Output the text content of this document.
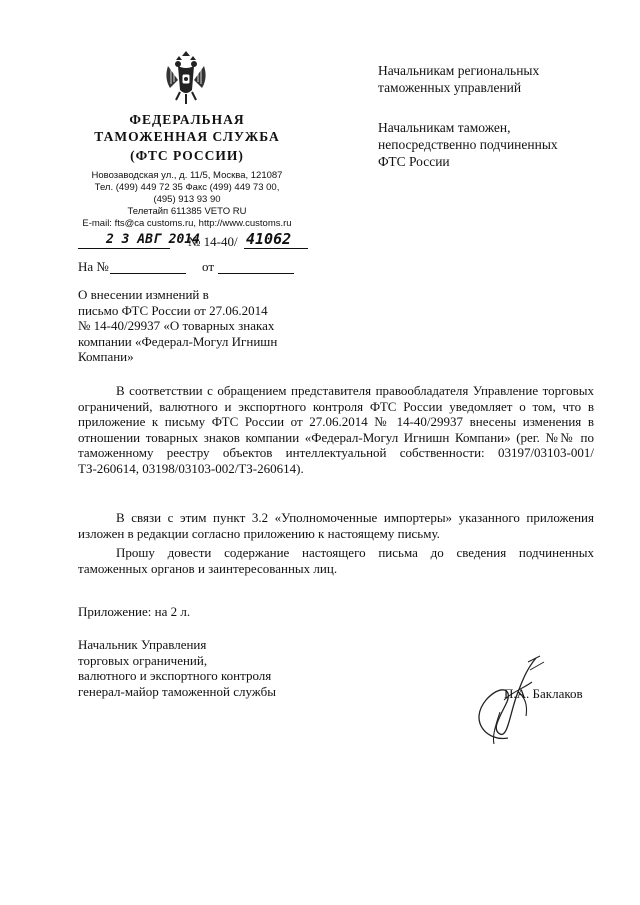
ФЕДЕРАЛЬНАЯ
ТАМОЖЕННАЯ СЛУЖБА
(ФТС РОССИИ)
Новозаводская ул., д. 11/5, Москва, 121087
Тел. (499) 449 72 35 Факс (499) 449 73 00,
(495) 913 93 90
Телетайп 611385 VETO RU
E-mail: fts@ca customs.ru, http://www.customs.ru
2 3 АВГ 2014
№ 14-40/ 41062
На №	от
Начальникам региональных
таможенных управлений
Начальникам таможен,
непосредственно подчиненных
ФТС России
О внесении измнений в
письмо ФТС России от 27.06.2014
№ 14-40/29937 «О товарных знаках
компании «Федерал-Могул Игнишн
Компани»
В соответствии с обращением представителя правообладателя Управление торговых ограничений, валютного и экспортного контроля ФТС России уведомляет о том, что в приложение к письму ФТС России от 27.06.2014 № 14-40/29937 внесены изменения в отношении товарных знаков компании «Федерал-Могул Игнишн Компани» (рег. №№ по таможенному реестру объектов интеллектуальной собственности: 03197/03103-001/ТЗ-260614, 03198/03103-002/ТЗ-260614).
В связи с этим пункт 3.2 «Уполномоченные импортеры» указанного приложения изложен в редакции согласно приложению к настоящему письму.
Прошу довести содержание настоящего письма до сведения подчиненных таможенных органов и заинтересованных лиц.
Приложение: на 2 л.
Начальник Управления
торговых ограничений,
валютного и экспортного контроля
генерал-майор таможенной службы	П.А. Баклаков
